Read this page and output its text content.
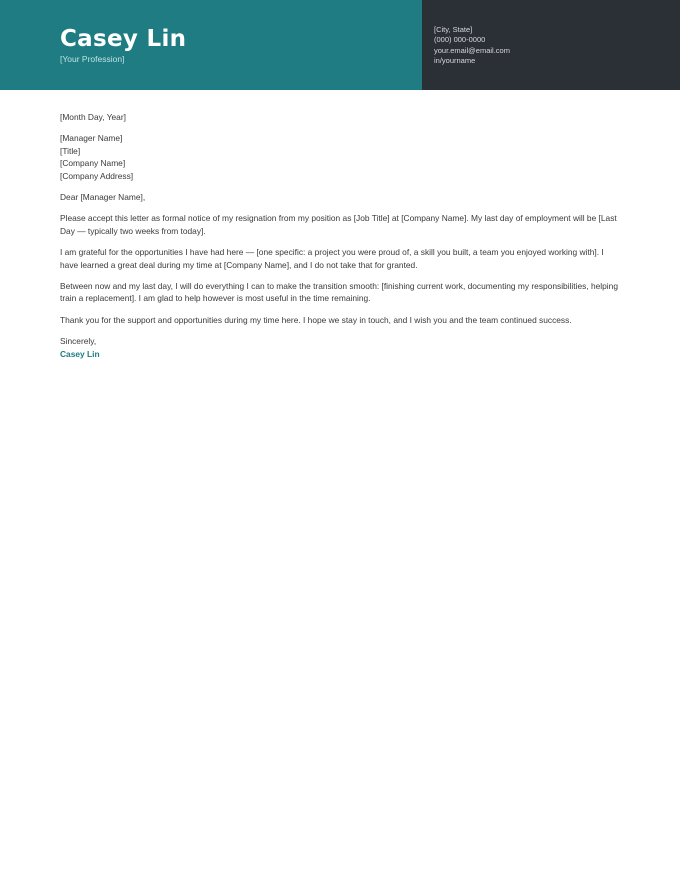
Casey Lin
[Your Profession]
[City, State]
(000) 000-0000
your.email@email.com
in/yourname

[Month Day, Year]

[Manager Name]
[Title]
[Company Name]
[Company Address]

Dear [Manager Name],

Please accept this letter as formal notice of my resignation from my position as [Job Title] at [Company Name]. My last day of employment will be [Last Day — typically two weeks from today].

I am grateful for the opportunities I have had here — [one specific: a project you were proud of, a skill you built, a team you enjoyed working with]. I have learned a great deal during my time at [Company Name], and I do not take that for granted.

Between now and my last day, I will do everything I can to make the transition smooth: [finishing current work, documenting my responsibilities, helping train a replacement]. I am glad to help however is most useful in the time remaining.

Thank you for the support and opportunities during my time here. I hope we stay in touch, and I wish you and the team continued success.

Sincerely,

Casey Lin
